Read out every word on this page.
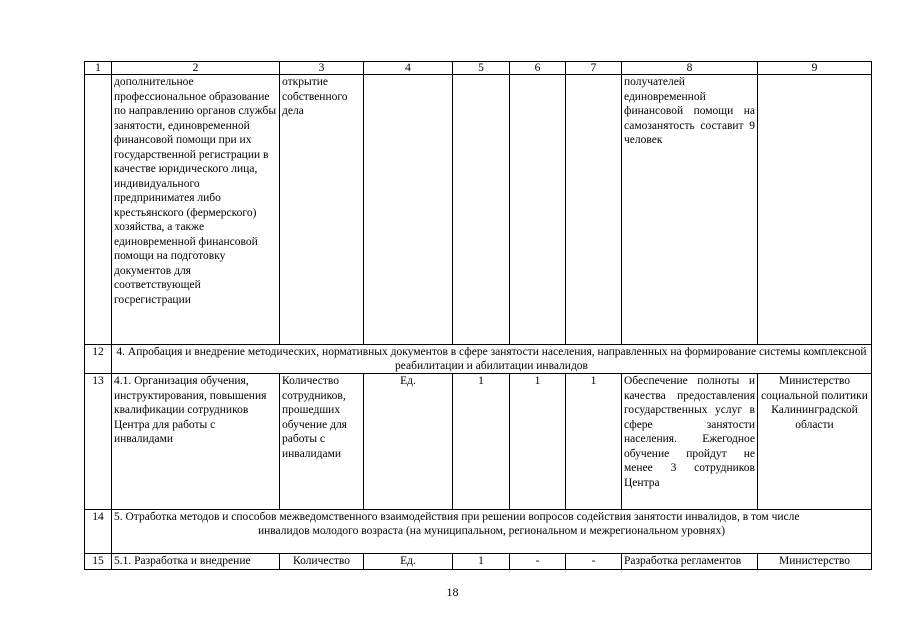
1	2	3	4	5	6	7	8	9
	дополнительное профессиональное образование по направлению органов службы занятости, единовременной финансовой помощи при их государственной регистрации в качестве юридического лица, индивидуального предприниматея либо крестьянского (фермерского) хозяйства, а также единовременной финансовой помощи на подготовку документов для соответствующей госрегистрации	открытие собственного дела					получателей единовременной финансовой помощи на самозанятость составит 9 человек	
12	4. Апробация и внедрение методических, нормативных документов в сфере занятости населения, направленных на формирование системы комплексной реабилитации и абилитации инвалидов							
13	4.1. Организация обучения, инструктирования, повышения квалификации сотрудников Центра для работы с инвалидами	Количество сотрудников, прошедших обучение для работы с инвалидами	Ед.	1	1	1	Обеспечение полноты и качества предоставления государственных услуг в сфере занятости населения. Ежегодное обучение пройдут не менее 3 сотрудников Центра	Министерство социальной политики Калининградской области
14	5. Отработка методов и способов межведомственного взаимодействия при решении вопросов содействия занятости инвалидов, в том числе
инвалидов молодого возраста (на муниципальном, региональном и межрегиональном уровнях)							

15	5.1. Разработка и внедрение	Количество	Ед.	1	-	-	Разработка регламентов	Министерство
18
